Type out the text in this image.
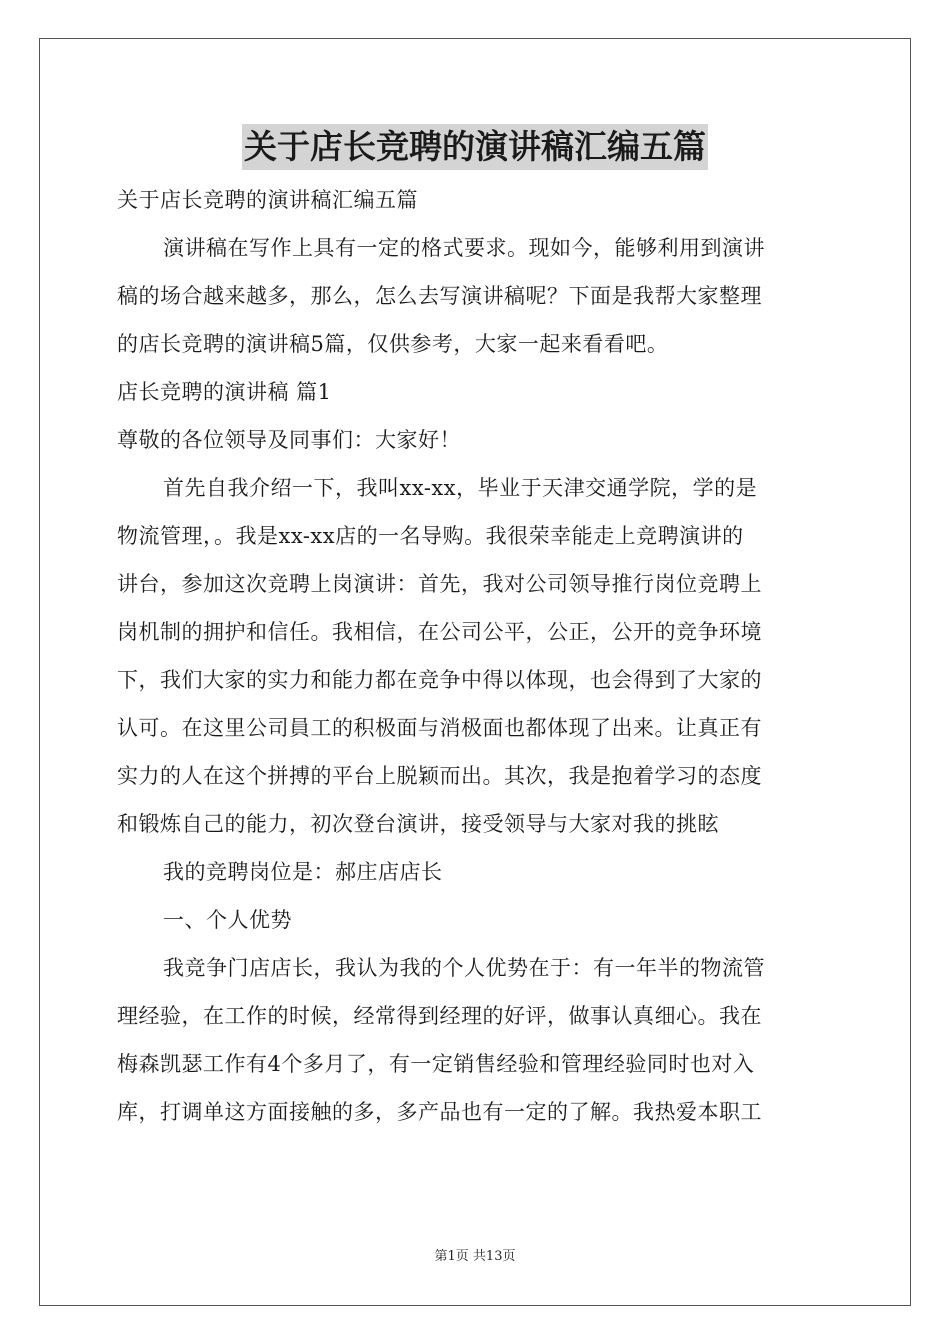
关于店长竞聘的演讲稿汇编五篇

关于店长竞聘的演讲稿汇编五篇

演讲稿在写作上具有一定的格式要求。现如今，能够利用到演讲

稿的场合越来越多，那么，怎么去写演讲稿呢？下面是我帮大家整理

的店长竞聘的演讲稿5篇，仅供参考，大家一起来看看吧。

店长竞聘的演讲稿 篇1

尊敬的各位领导及同事们：大家好！

首先自我介绍一下，我叫xx-xx，毕业于天津交通学院，学的是

物流管理，。我是xx-xx店的一名导购。我很荣幸能走上竞聘演讲的

讲台，参加这次竞聘上岗演讲：首先，我对公司领导推行岗位竞聘上

岗机制的拥护和信任。我相信，在公司公平，公正，公开的竞争环境

下，我们大家的实力和能力都在竞争中得以体现，也会得到了大家的

认可。在这里公司員工的积极面与消极面也都体现了出来。让真正有

实力的人在这个拼搏的平台上脱颖而出。其次，我是抱着学习的态度

和锻炼自己的能力，初次登台演讲，接受领导与大家对我的挑眩

我的竞聘岗位是：郝庄店店长

一、个人优势

我竞争门店店长，我认为我的个人优势在于：有一年半的物流管

理经验，在工作的时候，经常得到经理的好评，做事认真细心。我在

梅森凯瑟工作有4个多月了，有一定销售经验和管理经验同时也对入

库，打调单这方面接触的多，多产品也有一定的了解。我热爱本职工

第1页 共13页
